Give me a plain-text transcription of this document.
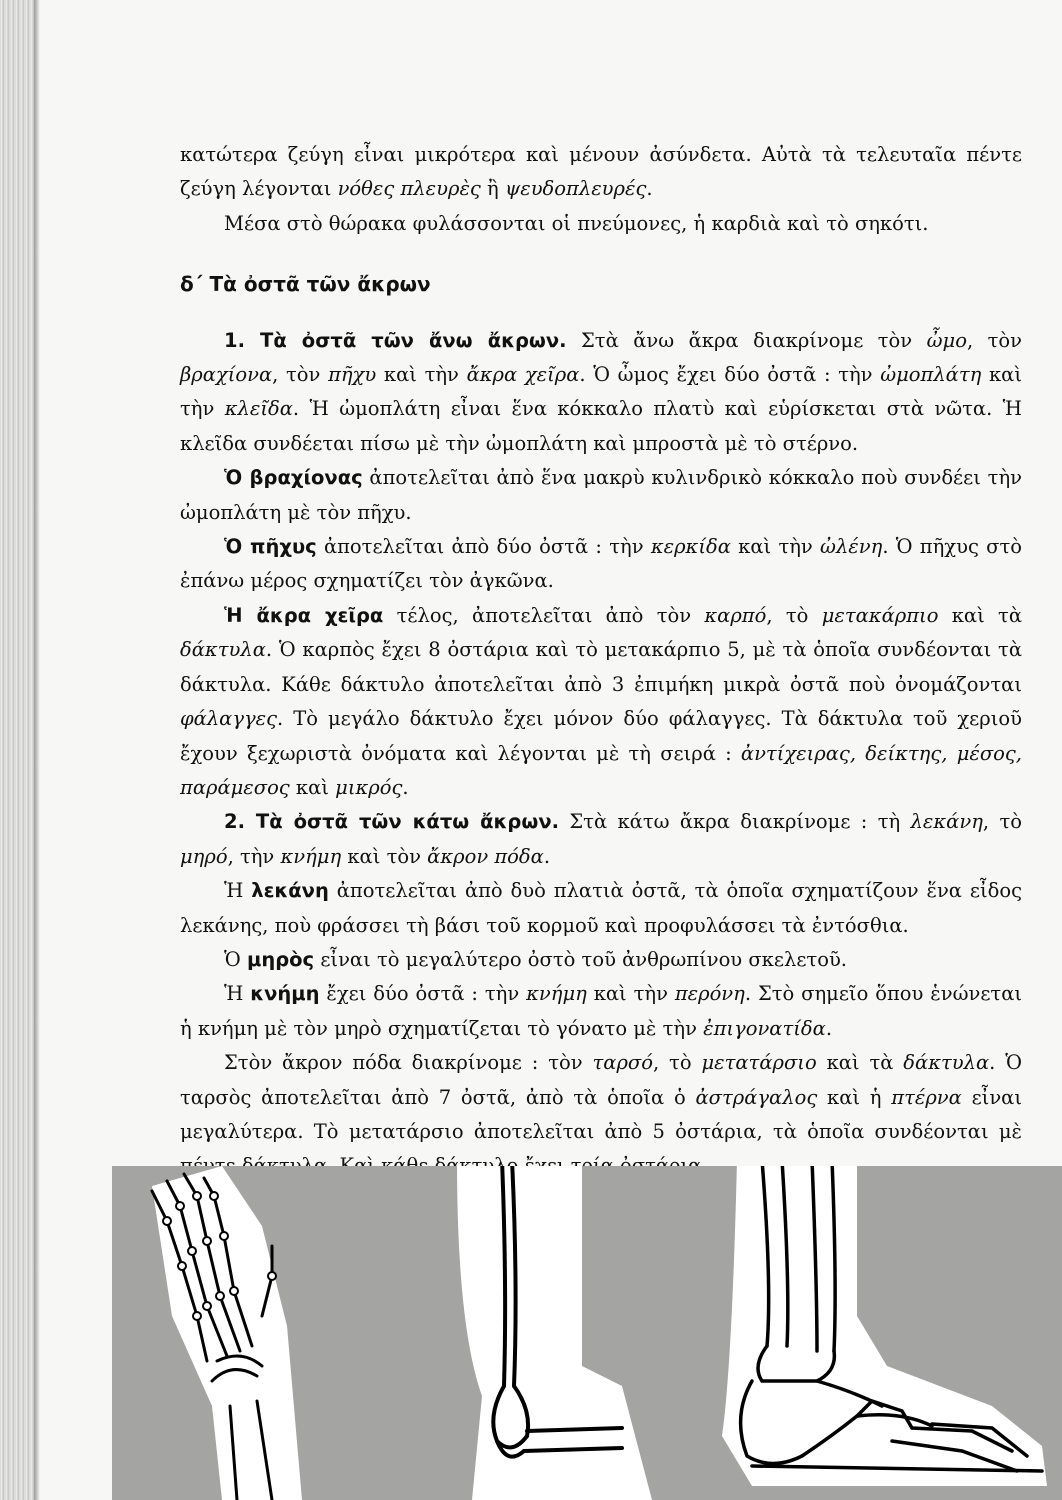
κατώτερα ζεύγη εἶναι μικρότερα καὶ μένουν ἀσύνδετα. Αὐτὰ τὰ τελευταῖα πέντε ζεύγη λέγονται νόθες πλευρὲς ἢ ψευδοπλευρές.

Μέσα στὸ θώρακα φυλάσσονται οἱ πνεύμονες, ἡ καρδιὰ καὶ τὸ σηκότι.

δ΄ Τὰ ὀστᾶ τῶν ἄκρων

1. Τὰ ὀστᾶ τῶν ἄνω ἄκρων. Στὰ ἄνω ἄκρα διακρίνομε τὸν ὦμο, τὸν βραχίονα, τὸν πῆχυ καὶ τὴν ἄκρα χεῖρα. Ὁ ὦμος ἔχει δύο ὀστᾶ : τὴν ὠμοπλάτη καὶ τὴν κλεῖδα. Ἡ ὠμοπλάτη εἶναι ἕνα κόκκαλο πλατὺ καὶ εὑρίσκεται στὰ νῶτα. Ἡ κλεῖδα συνδέεται πίσω μὲ τὴν ὠμοπλάτη καὶ μπροστὰ μὲ τὸ στέρνο.

Ὁ βραχίονας ἀποτελεῖται ἀπὸ ἕνα μακρὺ κυλινδρικὸ κόκκαλο ποὺ συνδέει τὴν ὠμοπλάτη μὲ τὸν πῆχυ.

Ὁ πῆχυς ἀποτελεῖται ἀπὸ δύο ὀστᾶ : τὴν κερκίδα καὶ τὴν ὠλένη. Ὁ πῆχυς στὸ ἐπάνω μέρος σχηματίζει τὸν ἀγκῶνα.

Ἡ ἄκρα χεῖρα τέλος, ἀποτελεῖται ἀπὸ τὸν καρπό, τὸ μετακάρπιο καὶ τὰ δάκτυλα. Ὁ καρπὸς ἔχει 8 ὀστάρια καὶ τὸ μετακάρπιο 5, μὲ τὰ ὁποῖα συνδέονται τὰ δάκτυλα. Κάθε δάκτυλο ἀποτελεῖται ἀπὸ 3 ἐπιμήκη μικρὰ ὀστᾶ ποὺ ὀνομάζονται φάλαγγες. Τὸ μεγάλο δάκτυλο ἔχει μόνον δύο φάλαγγες. Τὰ δάκτυλα τοῦ χεριοῦ ἔχουν ξεχωριστὰ ὀνόματα καὶ λέγονται μὲ τὴ σειρά : ἀντίχειρας, δείκτης, μέσος, παράμεσος καὶ μικρός.

2. Τὰ ὀστᾶ τῶν κάτω ἄκρων. Στὰ κάτω ἄκρα διακρίνομε : τὴ λεκάνη, τὸ μηρό, τὴν κνήμη καὶ τὸν ἄκρον πόδα.

Ἡ λεκάνη ἀποτελεῖται ἀπὸ δυὸ πλατιὰ ὀστᾶ, τὰ ὁποῖα σχηματίζουν ἕνα εἶδος λεκάνης, ποὺ φράσσει τὴ βάσι τοῦ κορμοῦ καὶ προφυλάσσει τὰ ἐντόσθια.

Ὁ μηρὸς εἶναι τὸ μεγαλύτερο ὀστὸ τοῦ ἀνθρωπίνου σκελετοῦ.

Ἡ κνήμη ἔχει δύο ὀστᾶ : τὴν κνήμη καὶ τὴν περόνη. Στὸ σημεῖο ὅπου ἑνώνεται ἡ κνήμη μὲ τὸν μηρὸ σχηματίζεται τὸ γόνατο μὲ τὴν ἐπιγονατίδα.

Στὸν ἄκρον πόδα διακρίνομε : τὸν ταρσό, τὸ μετατάρσιο καὶ τὰ δάκτυλα. Ὁ ταρσὸς ἀποτελεῖται ἀπὸ 7 ὀστᾶ, ἀπὸ τὰ ὁποῖα ὁ ἀστράγαλος καὶ ἡ πτέρνα εἶναι μεγαλύτερα. Τὸ μετατάρσιο ἀποτελεῖται ἀπὸ 5 ὀστάρια, τὰ ὁποῖα συνδέονται μὲ
